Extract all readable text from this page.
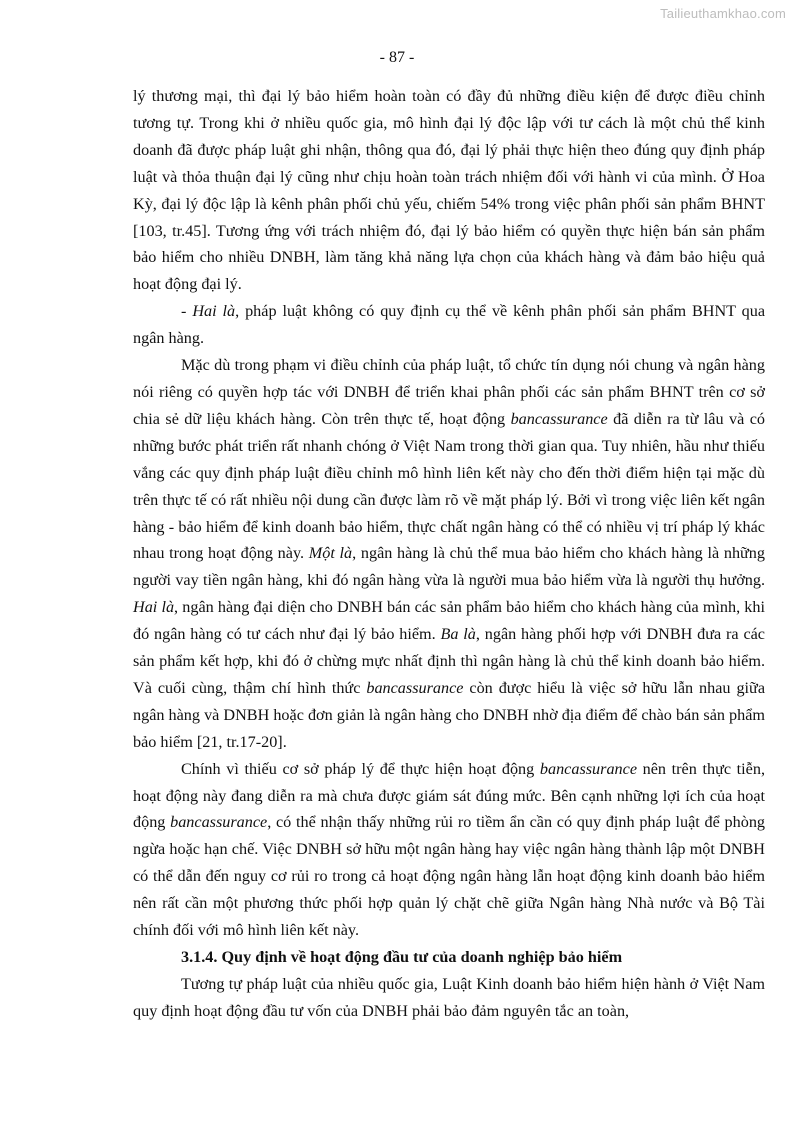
Tailieuthamkhao.com
- 87 -

lý thương mại, thì đại lý bảo hiểm hoàn toàn có đầy đủ những điều kiện để được điều chỉnh tương tự. Trong khi ở nhiều quốc gia, mô hình đại lý độc lập với tư cách là một chủ thể kinh doanh đã được pháp luật ghi nhận, thông qua đó, đại lý phải thực hiện theo đúng quy định pháp luật và thỏa thuận đại lý cũng như chịu hoàn toàn trách nhiệm đối với hành vi của mình. Ở Hoa Kỳ, đại lý độc lập là kênh phân phối chủ yếu, chiếm 54% trong việc phân phối sản phẩm BHNT [103, tr.45]. Tương ứng với trách nhiệm đó, đại lý bảo hiểm có quyền thực hiện bán sản phẩm bảo hiểm cho nhiều DNBH, làm tăng khả năng lựa chọn của khách hàng và đảm bảo hiệu quả hoạt động đại lý.

- Hai là, pháp luật không có quy định cụ thể về kênh phân phối sản phẩm BHNT qua ngân hàng.

Mặc dù trong phạm vi điều chỉnh của pháp luật, tổ chức tín dụng nói chung và ngân hàng nói riêng có quyền hợp tác với DNBH để triển khai phân phối các sản phẩm BHNT trên cơ sở chia sẻ dữ liệu khách hàng. Còn trên thực tế, hoạt động bancassurance đã diễn ra từ lâu và có những bước phát triển rất nhanh chóng ở Việt Nam trong thời gian qua. Tuy nhiên, hầu như thiếu vắng các quy định pháp luật điều chỉnh mô hình liên kết này cho đến thời điểm hiện tại mặc dù trên thực tế có rất nhiều nội dung cần được làm rõ về mặt pháp lý. Bởi vì trong việc liên kết ngân hàng - bảo hiểm để kinh doanh bảo hiểm, thực chất ngân hàng có thể có nhiều vị trí pháp lý khác nhau trong hoạt động này. Một là, ngân hàng là chủ thể mua bảo hiểm cho khách hàng là những người vay tiền ngân hàng, khi đó ngân hàng vừa là người mua bảo hiểm vừa là người thụ hưởng. Hai là, ngân hàng đại diện cho DNBH bán các sản phẩm bảo hiểm cho khách hàng của mình, khi đó ngân hàng có tư cách như đại lý bảo hiểm. Ba là, ngân hàng phối hợp với DNBH đưa ra các sản phẩm kết hợp, khi đó ở chừng mực nhất định thì ngân hàng là chủ thể kinh doanh bảo hiểm. Và cuối cùng, thậm chí hình thức bancassurance còn được hiểu là việc sở hữu lẫn nhau giữa ngân hàng và DNBH hoặc đơn giản là ngân hàng cho DNBH nhờ địa điểm để chào bán sản phẩm bảo hiểm [21, tr.17-20].

Chính vì thiếu cơ sở pháp lý để thực hiện hoạt động bancassurance nên trên thực tiễn, hoạt động này đang diễn ra mà chưa được giám sát đúng mức. Bên cạnh những lợi ích của hoạt động bancassurance, có thể nhận thấy những rủi ro tiềm ẩn cần có quy định pháp luật để phòng ngừa hoặc hạn chế. Việc DNBH sở hữu một ngân hàng hay việc ngân hàng thành lập một DNBH có thể dẫn đến nguy cơ rủi ro trong cả hoạt động ngân hàng lẫn hoạt động kinh doanh bảo hiểm nên rất cần một phương thức phối hợp quản lý chặt chẽ giữa Ngân hàng Nhà nước và Bộ Tài chính đối với mô hình liên kết này.

3.1.4. Quy định về hoạt động đầu tư của doanh nghiệp bảo hiểm

Tương tự pháp luật của nhiều quốc gia, Luật Kinh doanh bảo hiểm hiện hành ở Việt Nam quy định hoạt động đầu tư vốn của DNBH phải bảo đảm nguyên tắc an toàn,
